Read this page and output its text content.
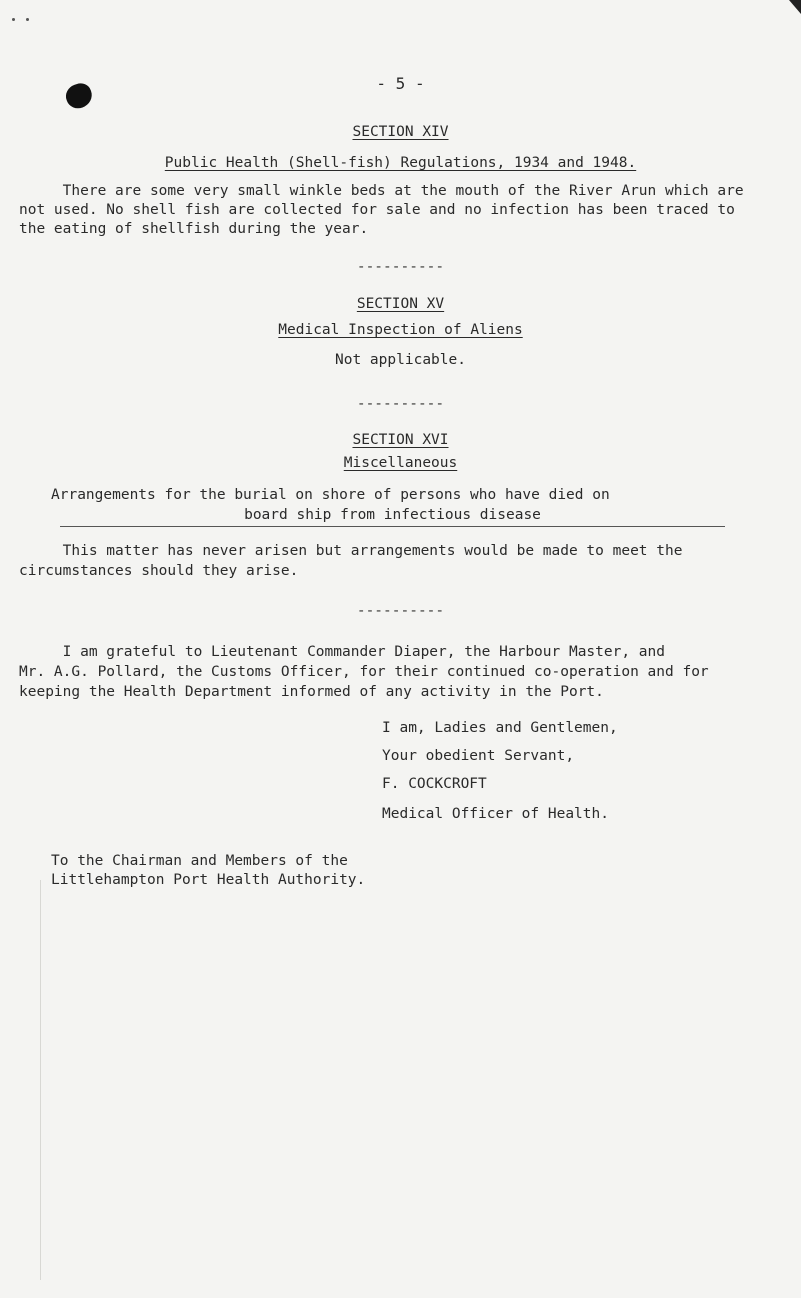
- 5 -
SECTION XIV
Public Health (Shell-fish) Regulations, 1934 and 1948.
There are some very small winkle beds at the mouth of the River Arun which are
not used. No shell fish are collected for sale and no infection has been traced to
the eating of shellfish during the year.
----------
SECTION XV
Medical Inspection of Aliens
Not applicable.
----------
SECTION XVI
Miscellaneous
Arrangements for the burial on shore of persons who have died on
board ship from infectious disease
This matter has never arisen but arrangements would be made to meet the
circumstances should they arise.
----------
I am grateful to Lieutenant Commander Diaper, the Harbour Master, and
Mr. A.G. Pollard, the Customs Officer, for their continued co-operation and for
keeping the Health Department informed of any activity in the Port.
I am, Ladies and Gentlemen,
Your obedient Servant,
F. COCKCROFT
Medical Officer of Health.
To the Chairman and Members of the
Littlehampton Port Health Authority.
